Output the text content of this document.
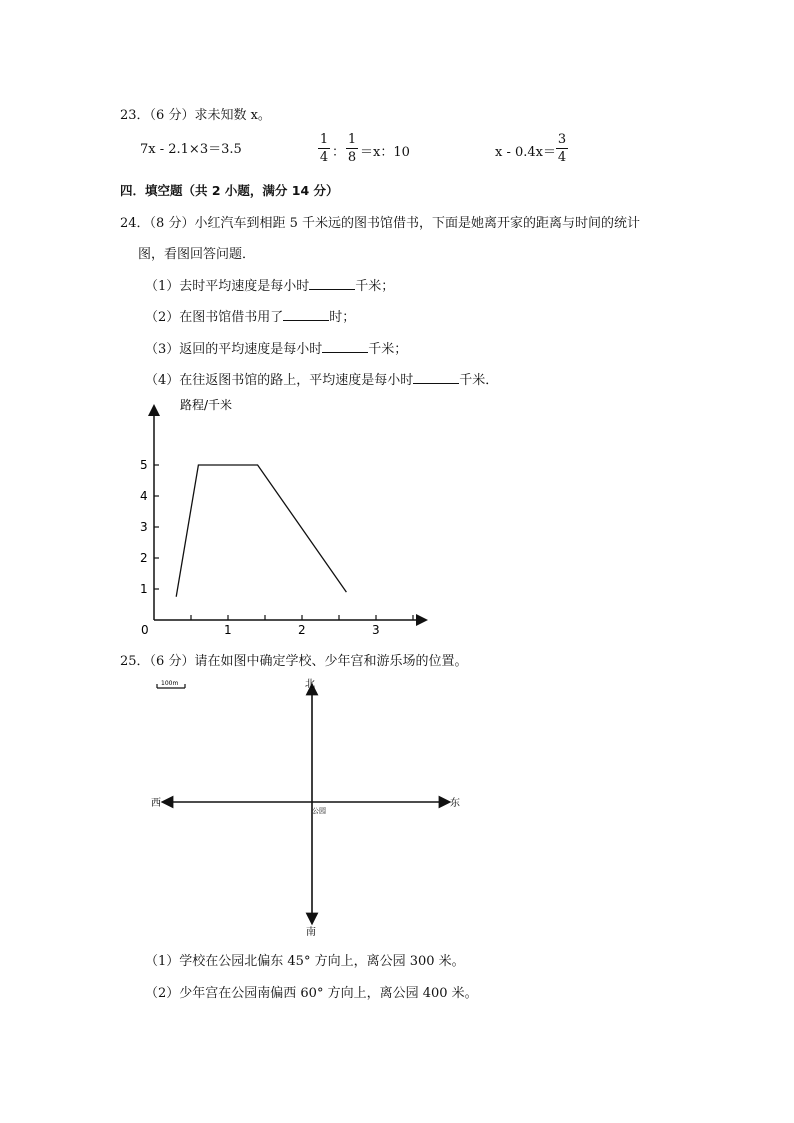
23．（6 分）求未知数 x。
7x - 2.1×3＝3.5
1
4 ：
1
8 ＝x：10	x - 0.4x＝
3
4
四．填空题（共 2 小题，满分 14 分）
24．（8 分）小红汽车到相距 5 千米远的图书馆借书，下面是她离开家的距离与时间的统计
图，看图回答问题．
（1）去时平均速度是每小时	千米；
（2）在图书馆借书用了	时；
（3）返回的平均速度是每小时	千米；
（4）在往返图书馆的路上，平均速度是每小时	千米．
路程/千米
0	1	2	3
1
2
3
4
5
25．（6 分）请在如图中确定学校、少年宫和游乐场的位置。
100m	北
南
东
西
公园
（1）学校在公园北偏东 45° 方向上，离公园 300 米。
（2）少年宫在公园南偏西 60° 方向上，离公园 400 米。
